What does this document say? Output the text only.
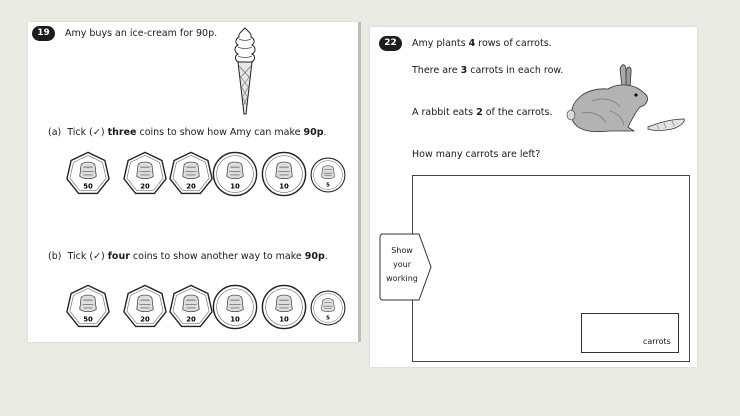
19	Amy buys an ice-cream for 90p.
(a) Tick (✓) three coins to show how Amy can make 90p.
50	20 20 10	10 5
(b) Tick (✓) four coins to show another way to make 90p.
50	20 20 10	10 5
22	Amy plants 4 rows of carrots.
There are 3 carrots in each row.
A rabbit eats 2 of the carrots.
How many carrots are left?
Show
your
working
carrots
